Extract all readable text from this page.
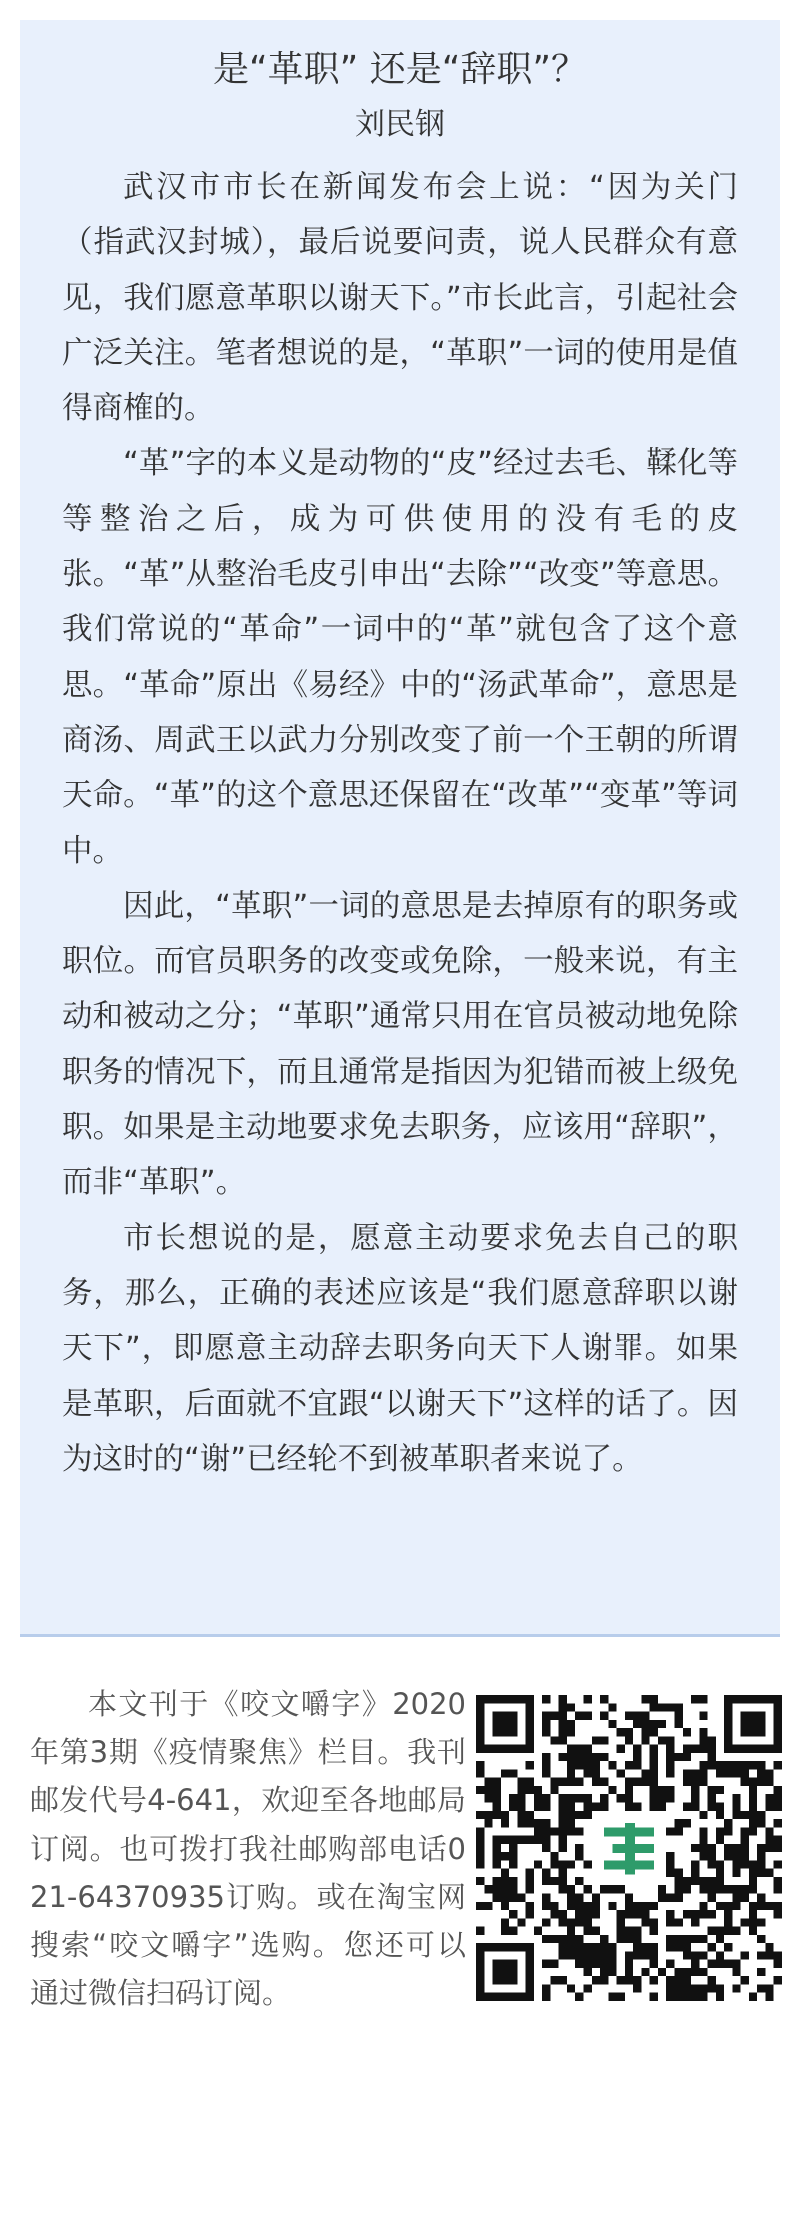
是“革职” 还是“辞职”？
刘民钢

武汉市市长在新闻发布会上说：“因为关门（指武汉封城），最后说要问责，说人民群众有意见，我们愿意革职以谢天下。”市长此言，引起社会广泛关注。笔者想说的是，“革职”一词的使用是值得商榷的。

“革”字的本义是动物的“皮”经过去毛、鞣化等等整治之后，成为可供使用的没有毛的皮张。“革”从整治毛皮引申出“去除”“改变”等意思。我们常说的“革命”一词中的“革”就包含了这个意思。“革命”原出《易经》中的“汤武革命”，意思是商汤、周武王以武力分别改变了前一个王朝的所谓天命。“革”的这个意思还保留在“改革”“变革”等词中。

因此，“革职”一词的意思是去掉原有的职务或职位。而官员职务的改变或免除，一般来说，有主动和被动之分；“革职”通常只用在官员被动地免除职务的情况下，而且通常是指因为犯错而被上级免职。如果是主动地要求免去职务，应该用“辞职”，而非“革职”。

市长想说的是，愿意主动要求免去自己的职务，那么，正确的表述应该是“我们愿意辞职以谢天下”，即愿意主动辞去职务向天下人谢罪。如果是革职，后面就不宜跟“以谢天下”这样的话了。因为这时的“谢”已经轮不到被革职者来说了。

本文刊于《咬文嚼字》2020年第3期《疫情聚焦》栏目。我刊邮发代号4-641，欢迎至各地邮局订阅。也可拨打我社邮购部电话021-64370935订购。或在淘宝网搜索“咬文嚼字”选购。您还可以通过微信扫码订阅。
